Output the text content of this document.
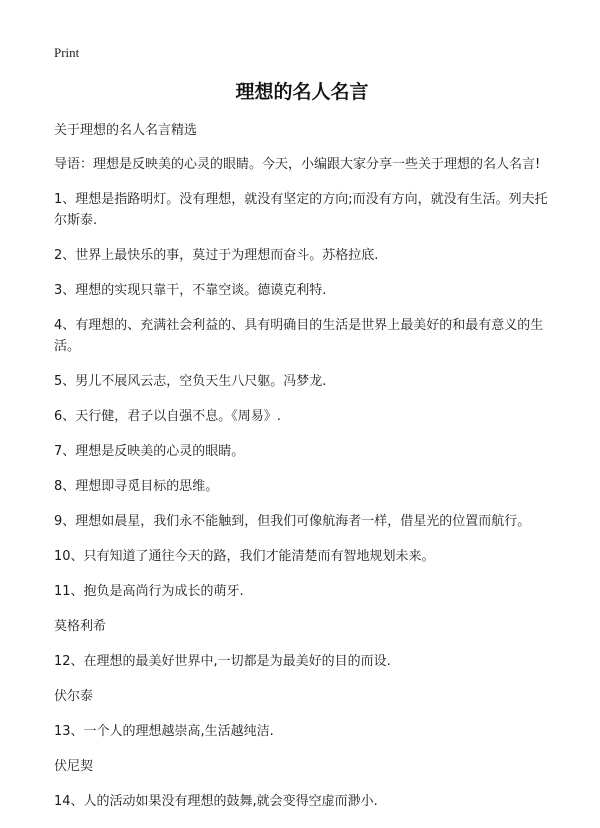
Print
理想的名人名言

关于理想的名人名言精选

导语：理想是反映美的心灵的眼睛。今天，小编跟大家分享一些关于理想的名人名言!

1、理想是指路明灯。没有理想，就没有坚定的方向;而没有方向，就没有生活。列夫托尔斯泰.

2、世界上最快乐的事，莫过于为理想而奋斗。苏格拉底.

3、理想的实现只靠干，不靠空谈。德谟克利特.

4、有理想的、充满社会利益的、具有明确目的生活是世界上最美好的和最有意义的生活。

5、男儿不展风云志，空负天生八尺躯。冯梦龙.

6、天行健，君子以自强不息。《周易》.

7、理想是反映美的心灵的眼睛。

8、理想即寻觅目标的思维。

9、理想如晨星，我们永不能触到，但我们可像航海者一样，借星光的位置而航行。

10、只有知道了通往今天的路，我们才能清楚而有智地规划未来。

11、抱负是高尚行为成长的萌牙.

莫格利希

12、在理想的最美好世界中,一切都是为最美好的目的而设.

伏尔泰

13、一个人的理想越崇高,生活越纯洁.

伏尼契

14、人的活动如果没有理想的鼓舞,就会变得空虚而渺小.
